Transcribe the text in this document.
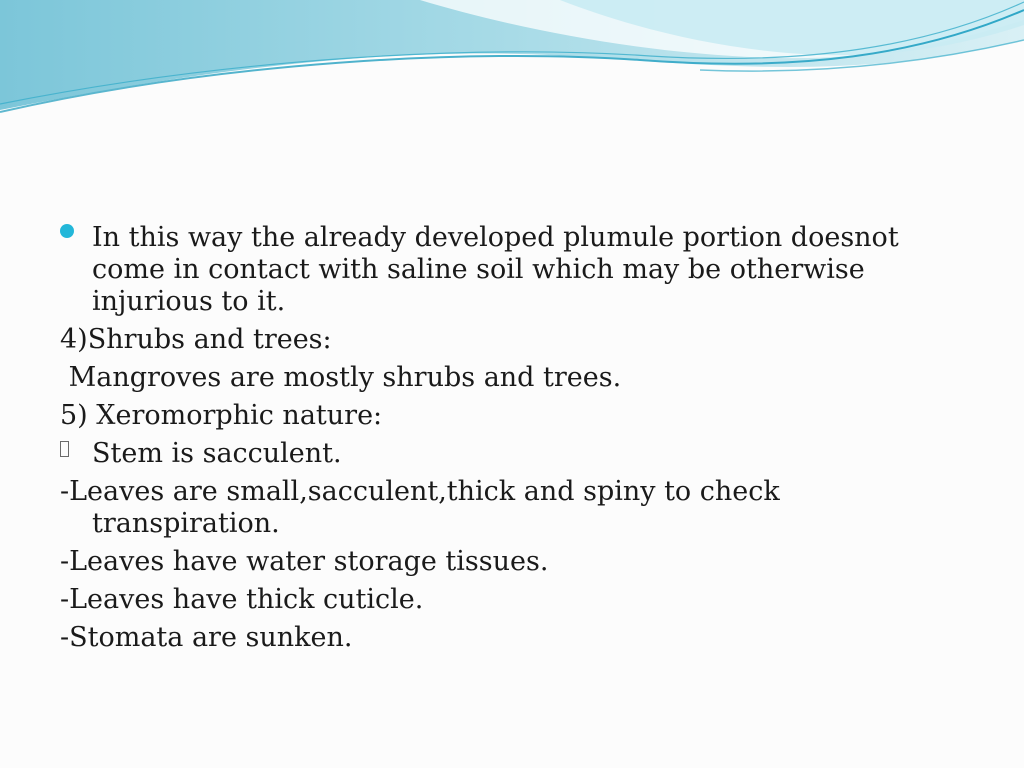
In this way the already developed plumule portion doesnot come in contact with saline soil which may be otherwise injurious to it.

4)Shrubs and trees:

Mangroves are mostly shrubs and trees.

5) Xeromorphic nature:

Stem is sacculent.

-Leaves are small,sacculent,thick and spiny to check transpiration.

-Leaves have water storage tissues.

-Leaves have thick cuticle.

-Stomata are sunken.
